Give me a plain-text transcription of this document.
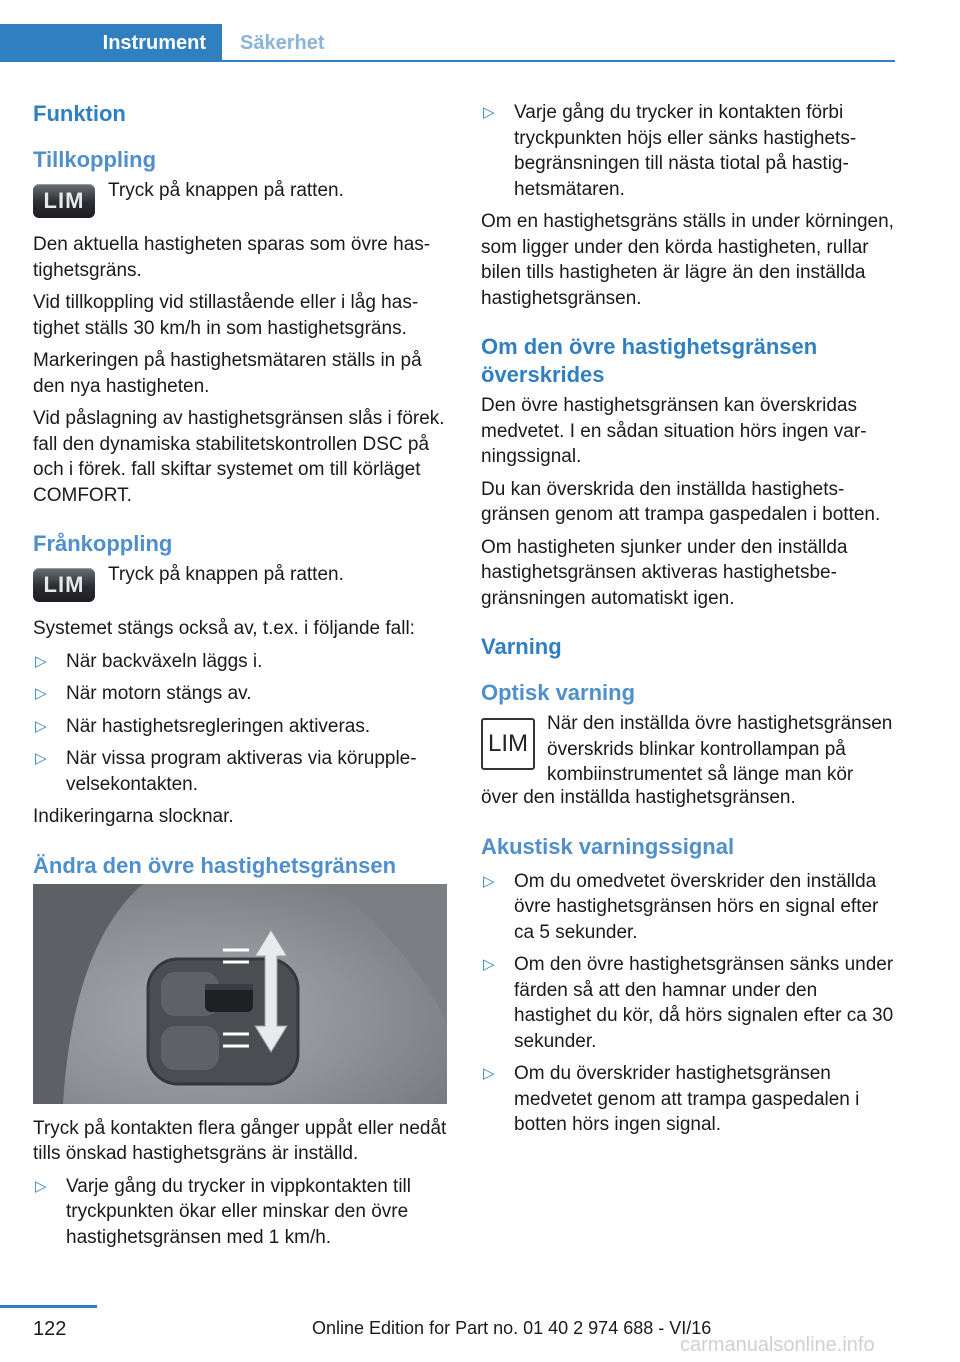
Instrument	Säkerhet
Funktion
Tillkoppling
LIM	Tryck på knappen på ratten.

Den aktuella hastigheten sparas som övre hastighetsgräns.

Vid tillkoppling vid stillastående eller i låg hastighet ställs 30 km/h in som hastighetsgräns.

Markeringen på hastighetsmätaren ställs in på den nya hastigheten.

Vid påslagning av hastighetsgränsen slås i förek. fall den dynamiska stabilitetskontrollen DSC på och i förek. fall skiftar systemet om till körläget COMFORT.

Frånkoppling
LIM	Tryck på knappen på ratten.

Systemet stängs också av, t.ex. i följande fall:

▷ När backväxeln läggs i.
▷ När motorn stängs av.
▷ När hastighetsregleringen aktiveras.
▷ När vissa program aktiveras via körupplevelsekontakten.

Indikeringarna slocknar.

Ändra den övre hastighetsgränsen

Tryck på kontakten flera gånger uppåt eller nedåt tills önskad hastighetsgräns är inställd.

▷ Varje gång du trycker in vippkontakten till tryckpunkten ökar eller minskar den övre hastighetsgränsen med 1 km/h.
▷ Varje gång du trycker in kontakten förbi tryckpunkten höjs eller sänks hastighetsbegränsningen till nästa tiotal på hastighetsmätaren.

Om en hastighetsgräns ställs in under körningen, som ligger under den körda hastigheten, rullar bilen tills hastigheten är lägre än den inställda hastighetsgränsen.

Om den övre hastighetsgränsen överskrides

Den övre hastighetsgränsen kan överskridas medvetet. I en sådan situation hörs ingen varningssignal.

Du kan överskrida den inställda hastighetsgränsen genom att trampa gaspedalen i botten.

Om hastigheten sjunker under den inställda hastighetsgränsen aktiveras hastighetsbegränsningen automatiskt igen.

Varning
Optisk varning
LIM

När den inställda övre hastighetsgränsen överskrids blinkar kontrollampan på kombiinstrumentet så länge man kör

över den inställda hastighetsgränsen.

Akustisk varningssignal
▷ Om du omedvetet överskrider den inställda övre hastighetsgränsen hörs en signal efter ca 5 sekunder.
▷ Om den övre hastighetsgränsen sänks under färden så att den hamnar under den hastighet du kör, då hörs signalen efter ca 30 sekunder.
▷ Om du överskrider hastighetsgränsen medvetet genom att trampa gaspedalen i botten hörs ingen signal.
122	Online Edition for Part no. 01 40 2 974 688 - VI/16
carmanualsonline.info
